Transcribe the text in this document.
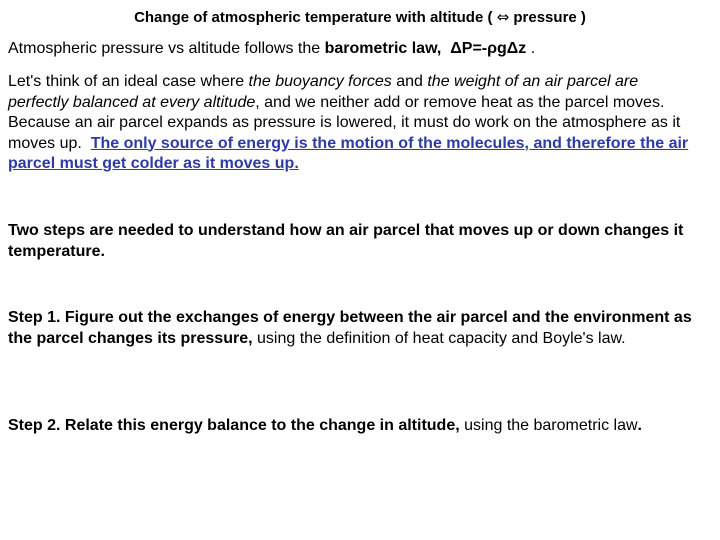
Change of atmospheric temperature with altitude ( ⇔ pressure )
Atmospheric pressure vs altitude follows the barometric law, ΔP=-ρgΔz .
Let's think of an ideal case where the buoyancy forces and the weight of an air parcel are perfectly balanced at every altitude, and we neither add or remove heat as the parcel moves. Because an air parcel expands as pressure is lowered, it must do work on the atmosphere as it moves up. The only source of energy is the motion of the molecules, and therefore the air parcel must get colder as it moves up.
Two steps are needed to understand how an air parcel that moves up or down changes it temperature.
Step 1. Figure out the exchanges of energy between the air parcel and the environment as the parcel changes its pressure, using the definition of heat capacity and Boyle's law.
Step 2. Relate this energy balance to the change in altitude, using the barometric law.
